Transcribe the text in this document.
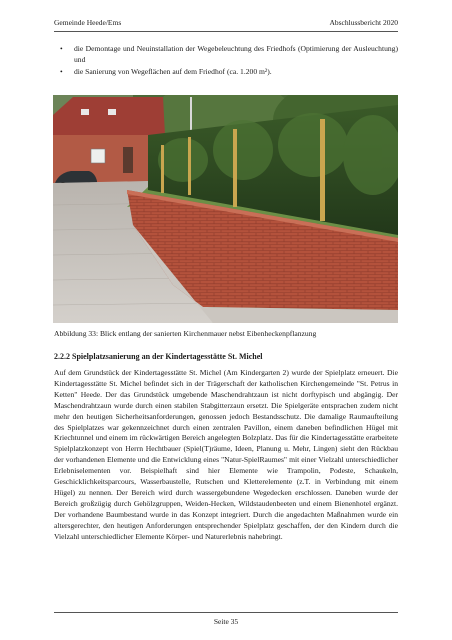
Gemeinde Heede/Ems	Abschlussbericht 2020
•	die Demontage und Neuinstallation der Wegebeleuchtung des Friedhofs (Optimierung der Ausleuchtung) und
•	die Sanierung von Wegeflächen auf dem Friedhof (ca. 1.200 m²).
Abbildung 33: Blick entlang der sanierten Kirchenmauer nebst Eibenheckenpflanzung
2.2.2 Spielplatzsanierung an der Kindertagesstätte St. Michel
Auf dem Grundstück der Kindertagesstätte St. Michel (Am Kindergarten 2) wurde der Spielplatz erneuert. Die Kindertagesstätte St. Michel befindet sich in der Trägerschaft der katholischen Kirchengemeinde "St. Petrus in Ketten" Heede. Der das Grundstück umgebende Maschendrahtzaun ist nicht dorftypisch und abgängig. Der Maschendrahtzaun wurde durch einen stabilen Stabgitterzaun ersetzt. Die Spielgeräte entsprachen zudem nicht mehr den heutigen Sicherheitsanforderungen, genossen jedoch Bestandsschutz. Die damalige Raumaufteilung des Spielplatzes war gekennzeichnet durch einen zentralen Pavillon, einem daneben befindlichen Hügel mit Kriechtunnel und einem im rückwärtigen Bereich angelegten Bolzplatz. Das für die Kindertagesstätte erarbeitete Spielplatzkonzept von Herrn Hechtbauer (Spiel(T)räume, Ideen, Planung u. Mehr, Lingen) sieht den Rückbau der vorhandenen Elemente und die Entwicklung eines "Natur-SpielRaumes" mit einer Vielzahl unterschiedlicher Erlebniselementen vor. Beispielhaft sind hier Elemente wie Trampolin, Podeste, Schaukeln, Geschicklichkeitsparcours, Wasserbaustelle, Rutschen und Kletterelemente (z.T. in Verbindung mit einem Hügel) zu nennen. Der Bereich wird durch wassergebundene Wegedecken erschlossen. Daneben wurde der Bereich großzügig durch Gehölzgruppen, Weiden-Hecken, Wildstaudenbeeten und einem Bienenhotel ergänzt. Der vorhandene Baumbestand wurde in das Konzept integriert. Durch die angedachten Maßnahmen wurde ein altersgerechter, den heutigen Anforderungen entsprechender Spielplatz geschaffen, der den Kindern durch die Vielzahl unterschiedlicher Elemente Körper- und Naturerlebnis nahebringt.
Seite 35
